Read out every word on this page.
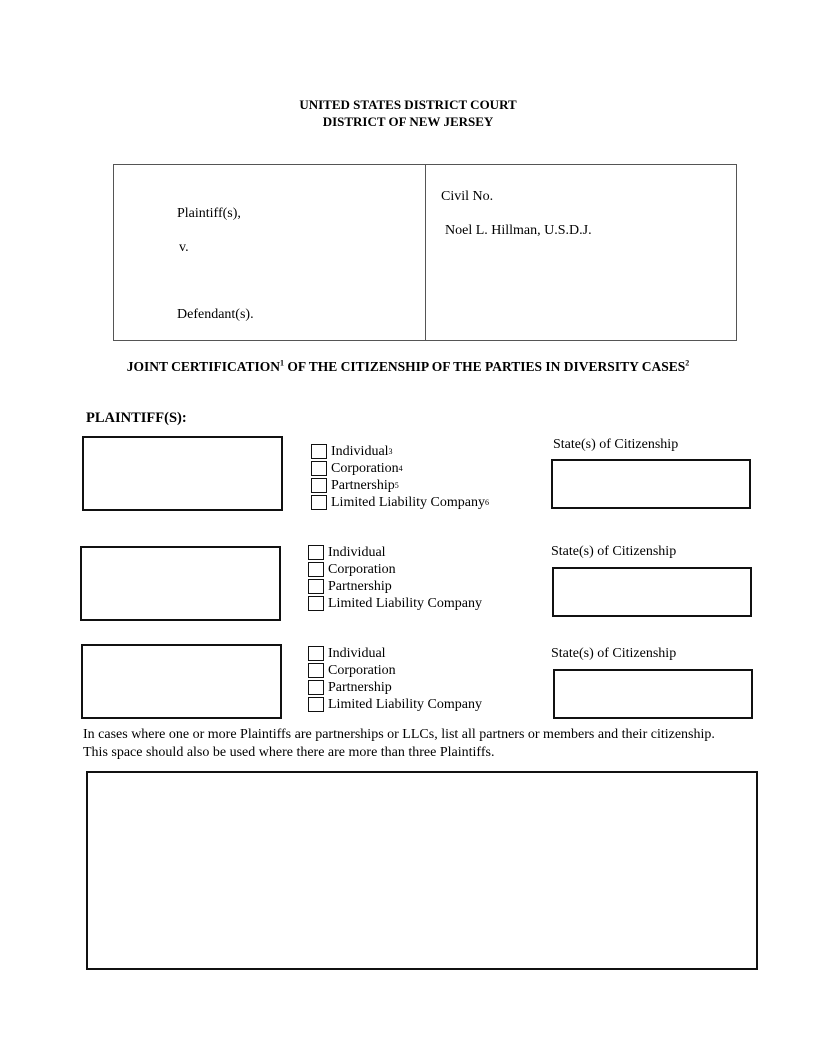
UNITED STATES DISTRICT COURT
DISTRICT OF NEW JERSEY
Plaintiff(s),
v.
Defendant(s).
Civil No.
Noel L. Hillman, U.S.D.J.
JOINT CERTIFICATION$^1$ OF THE CITIZENSHIP OF THE PARTIES IN DIVERSITY CASES$^2$
PLAINTIFF(S):
Individual 3
Corporation 4
Partnership 5
Limited Liability Company 6
State(s) of Citizenship
Individual
Corporation
Partnership
Limited Liability Company
State(s) of Citizenship
Individual
Corporation
Partnership
Limited Liability Company
State(s) of Citizenship
In cases where one or more Plaintiffs are partnerships or LLCs, list all partners or members and their citizenship.
This space should also be used where there are more than three Plaintiffs.
